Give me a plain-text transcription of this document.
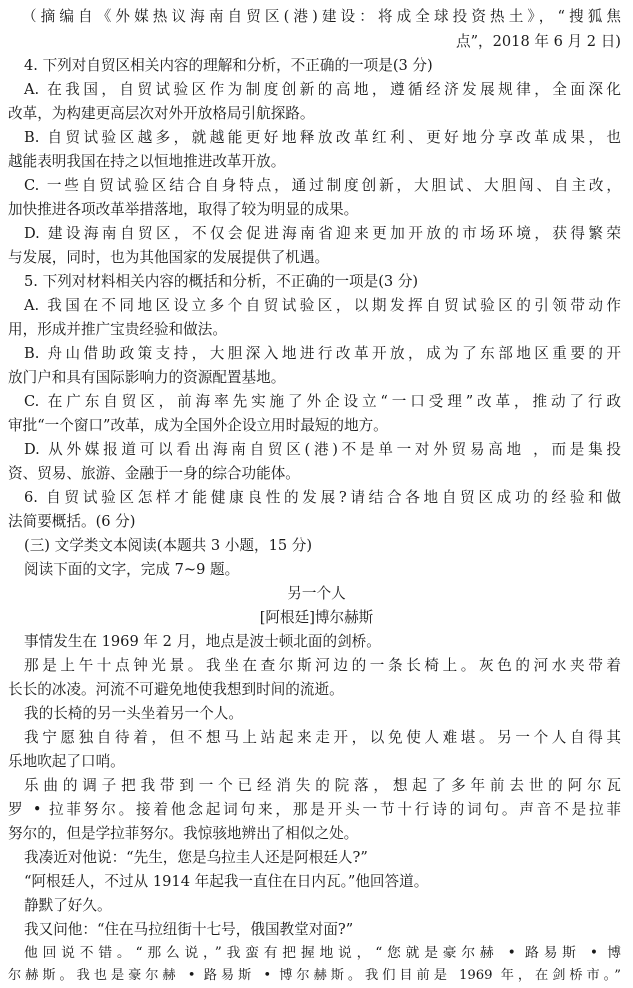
（摘编自《外媒热议海南自贸区(港)建设：将成全球投资热土》，“搜狐焦
点”，2018 年 6 月 2 日)
4. 下列对自贸区相关内容的理解和分析，不正确的一项是(3 分)
A. 在我国，自贸试验区作为制度创新的高地，遵循经济发展规律，全面深化
改革，为构建更高层次对外开放格局引航探路。
B. 自贸试验区越多，就越能更好地释放改革红利、更好地分享改革成果，也
越能表明我国在持之以恒地推进改革开放。
C. 一些自贸试验区结合自身特点，通过制度创新，大胆试、大胆闯、自主改，
加快推进各项改革举措落地，取得了较为明显的成果。
D. 建设海南自贸区，不仅会促进海南省迎来更加开放的市场环境，获得繁荣
与发展，同时，也为其他国家的发展提供了机遇。
5. 下列对材料相关内容的概括和分析，不正确的一项是(3 分)
A. 我国在不同地区设立多个自贸试验区，以期发挥自贸试验区的引领带动作
用，形成并推广宝贵经验和做法。
B. 舟山借助政策支持，大胆深入地进行改革开放，成为了东部地区重要的开
放门户和具有国际影响力的资源配置基地。
C. 在广东自贸区，前海率先实施了外企设立“一口受理”改革，推动了行政
审批“一个窗口”改革，成为全国外企设立用时最短的地方。
D. 从外媒报道可以看出海南自贸区(港)不是单一对外贸易高地 ，而是集投
资、贸易、旅游、金融于一身的综合功能体。
6. 自贸试验区怎样才能健康良性的发展?请结合各地自贸区成功的经验和做
法简要概括。(6 分)
(三) 文学类文本阅读(本题共 3 小题，15 分)
阅读下面的文字，完成 7~9 题。
另一个人
[阿根廷]博尔赫斯
事情发生在 1969 年 2 月，地点是波士顿北面的剑桥。
那是上午十点钟光景。我坐在查尔斯河边的一条长椅上。灰色的河水夹带着
长长的冰凌。河流不可避免地使我想到时间的流逝。
我的长椅的另一头坐着另一个人。
我宁愿独自待着，但不想马上站起来走开，以免使人难堪。另一个人自得其
乐地吹起了口哨。
乐曲的调子把我带到一个已经消失的院落，想起了多年前去世的阿尔瓦
罗 • 拉菲努尔。接着他念起词句来，那是开头一节十行诗的词句。声音不是拉菲
努尔的，但是学拉菲努尔。我惊骇地辨出了相似之处。
我凑近对他说：“先生，您是乌拉圭人还是阿根廷人?”
“阿根廷人，不过从 1914 年起我一直住在日内瓦。”他回答道。
静默了好久。
我又问他：“住在马拉纽街十七号，俄国教堂对面?”
他回说不错。“那么说，”我蛮有把握地说，“您就是豪尔赫 • 路易斯 • 博
尔赫斯。我也是豪尔赫 • 路易斯 • 博尔赫斯。我们目前是 1969 年，在剑桥市。”
